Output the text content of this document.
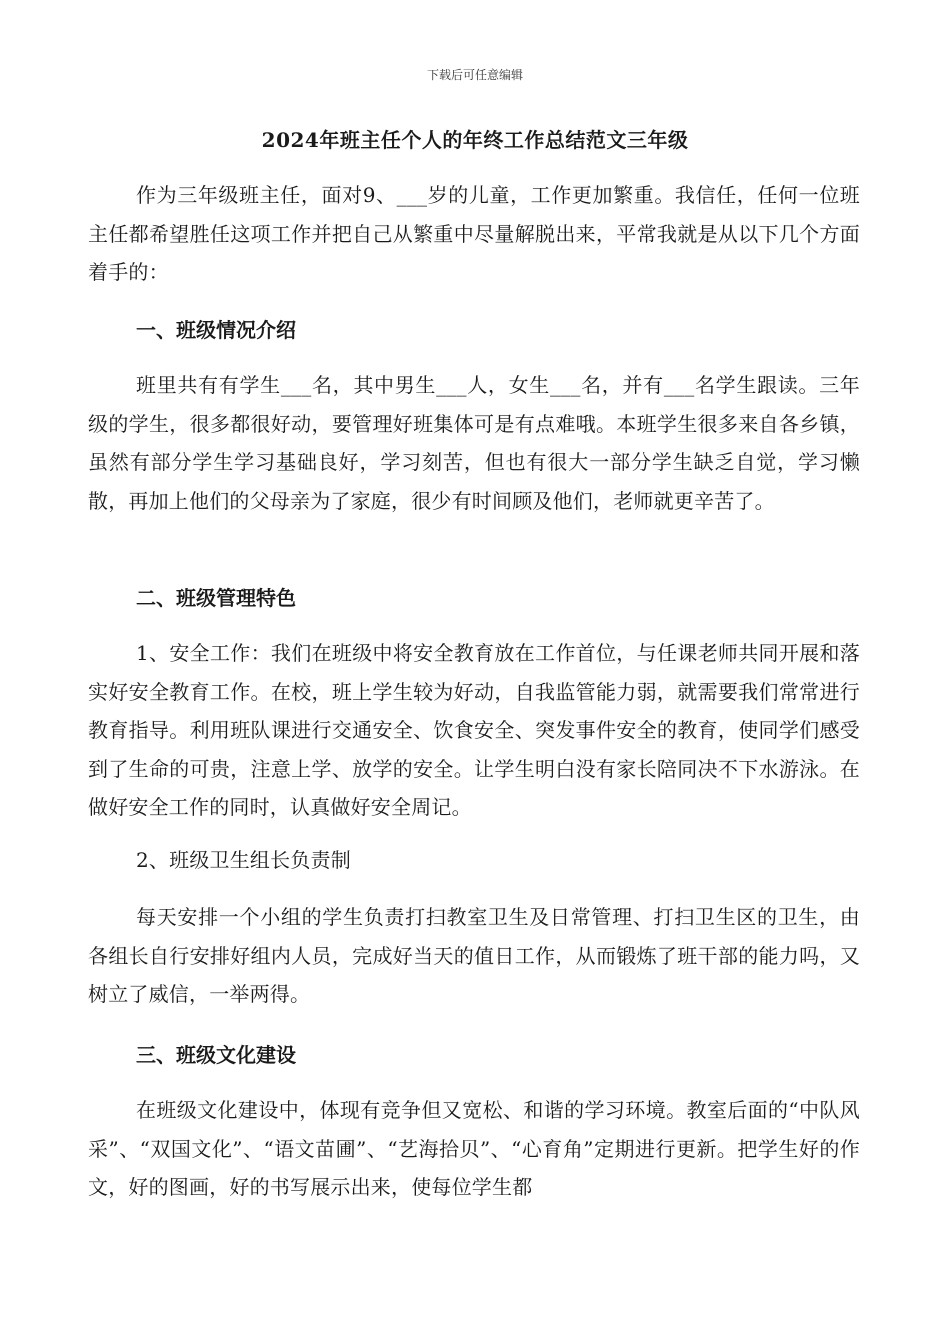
下载后可任意编辑
2024年班主任个人的年终工作总结范文三年级

作为三年级班主任，面对9、___岁的儿童，工作更加繁重。我信任，任何一位班主任都希望胜任这项工作并把自己从繁重中尽量解脱出来，平常我就是从以下几个方面着手的：

一、班级情况介绍

班里共有有学生___名，其中男生___人，女生___名，并有___名学生跟读。三年级的学生，很多都很好动，要管理好班集体可是有点难哦。本班学生很多来自各乡镇，虽然有部分学生学习基础良好，学习刻苦，但也有很大一部分学生缺乏自觉，学习懒散，再加上他们的父母亲为了家庭，很少有时间顾及他们，老师就更辛苦了。

二、班级管理特色

1、安全工作：我们在班级中将安全教育放在工作首位，与任课老师共同开展和落实好安全教育工作。在校，班上学生较为好动，自我监管能力弱，就需要我们常常进行教育指导。利用班队课进行交通安全、饮食安全、突发事件安全的教育，使同学们感受到了生命的可贵，注意上学、放学的安全。让学生明白没有家长陪同决不下水游泳。在做好安全工作的同时，认真做好安全周记。

2、班级卫生组长负责制

每天安排一个小组的学生负责打扫教室卫生及日常管理、打扫卫生区的卫生，由各组长自行安排好组内人员，完成好当天的值日工作，从而锻炼了班干部的能力吗，又树立了威信，一举两得。

三、班级文化建设

在班级文化建设中，体现有竞争但又宽松、和谐的学习环境。教室后面的“中队风采”、“双国文化”、“语文苗圃”、“艺海拾贝”、“心育角”定期进行更新。把学生好的作文，好的图画，好的书写展示出来，使每位学生都
